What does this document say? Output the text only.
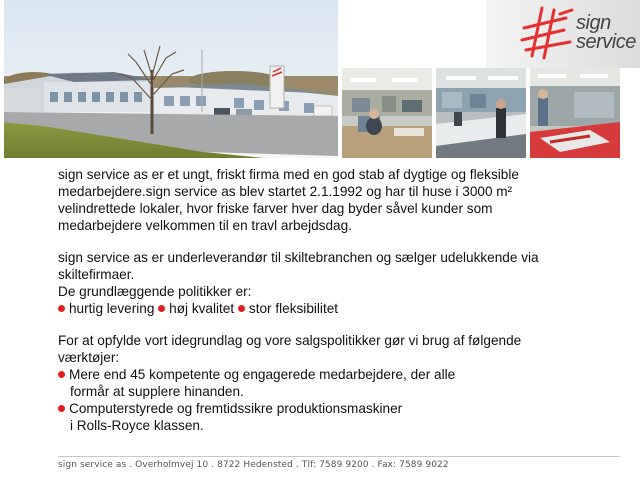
sign
service

sign service as er et ungt, friskt firma med en god stab af dygtige og fleksible medarbejdere.sign service as blev startet 2.1.1992 og har til huse i 3000 m² velindrettede lokaler, hvor friske farver hver dag byder såvel kunder som medarbejdere velkommen til en travl arbejdsdag.

sign service as er underleverandør til skiltebranchen og sælger udelukkende via skiltefirmaer.

De grundlæggende politikker er:

hurtig levering høj kvalitet stor fleksibilitet

For at opfylde vort idegrundlag og vore salgspolitikker gør vi brug af følgende værktøjer:

Mere end 45 kompetente og engagerede medarbejdere, der alle
formår at supplere hinanden.
Computerstyrede og fremtidssikre produktionsmaskiner
i Rolls-Royce klassen.
sign service as . Overholmvej 10 . 8722 Hedensted . Tlf: 7589 9200 . Fax: 7589 9022
